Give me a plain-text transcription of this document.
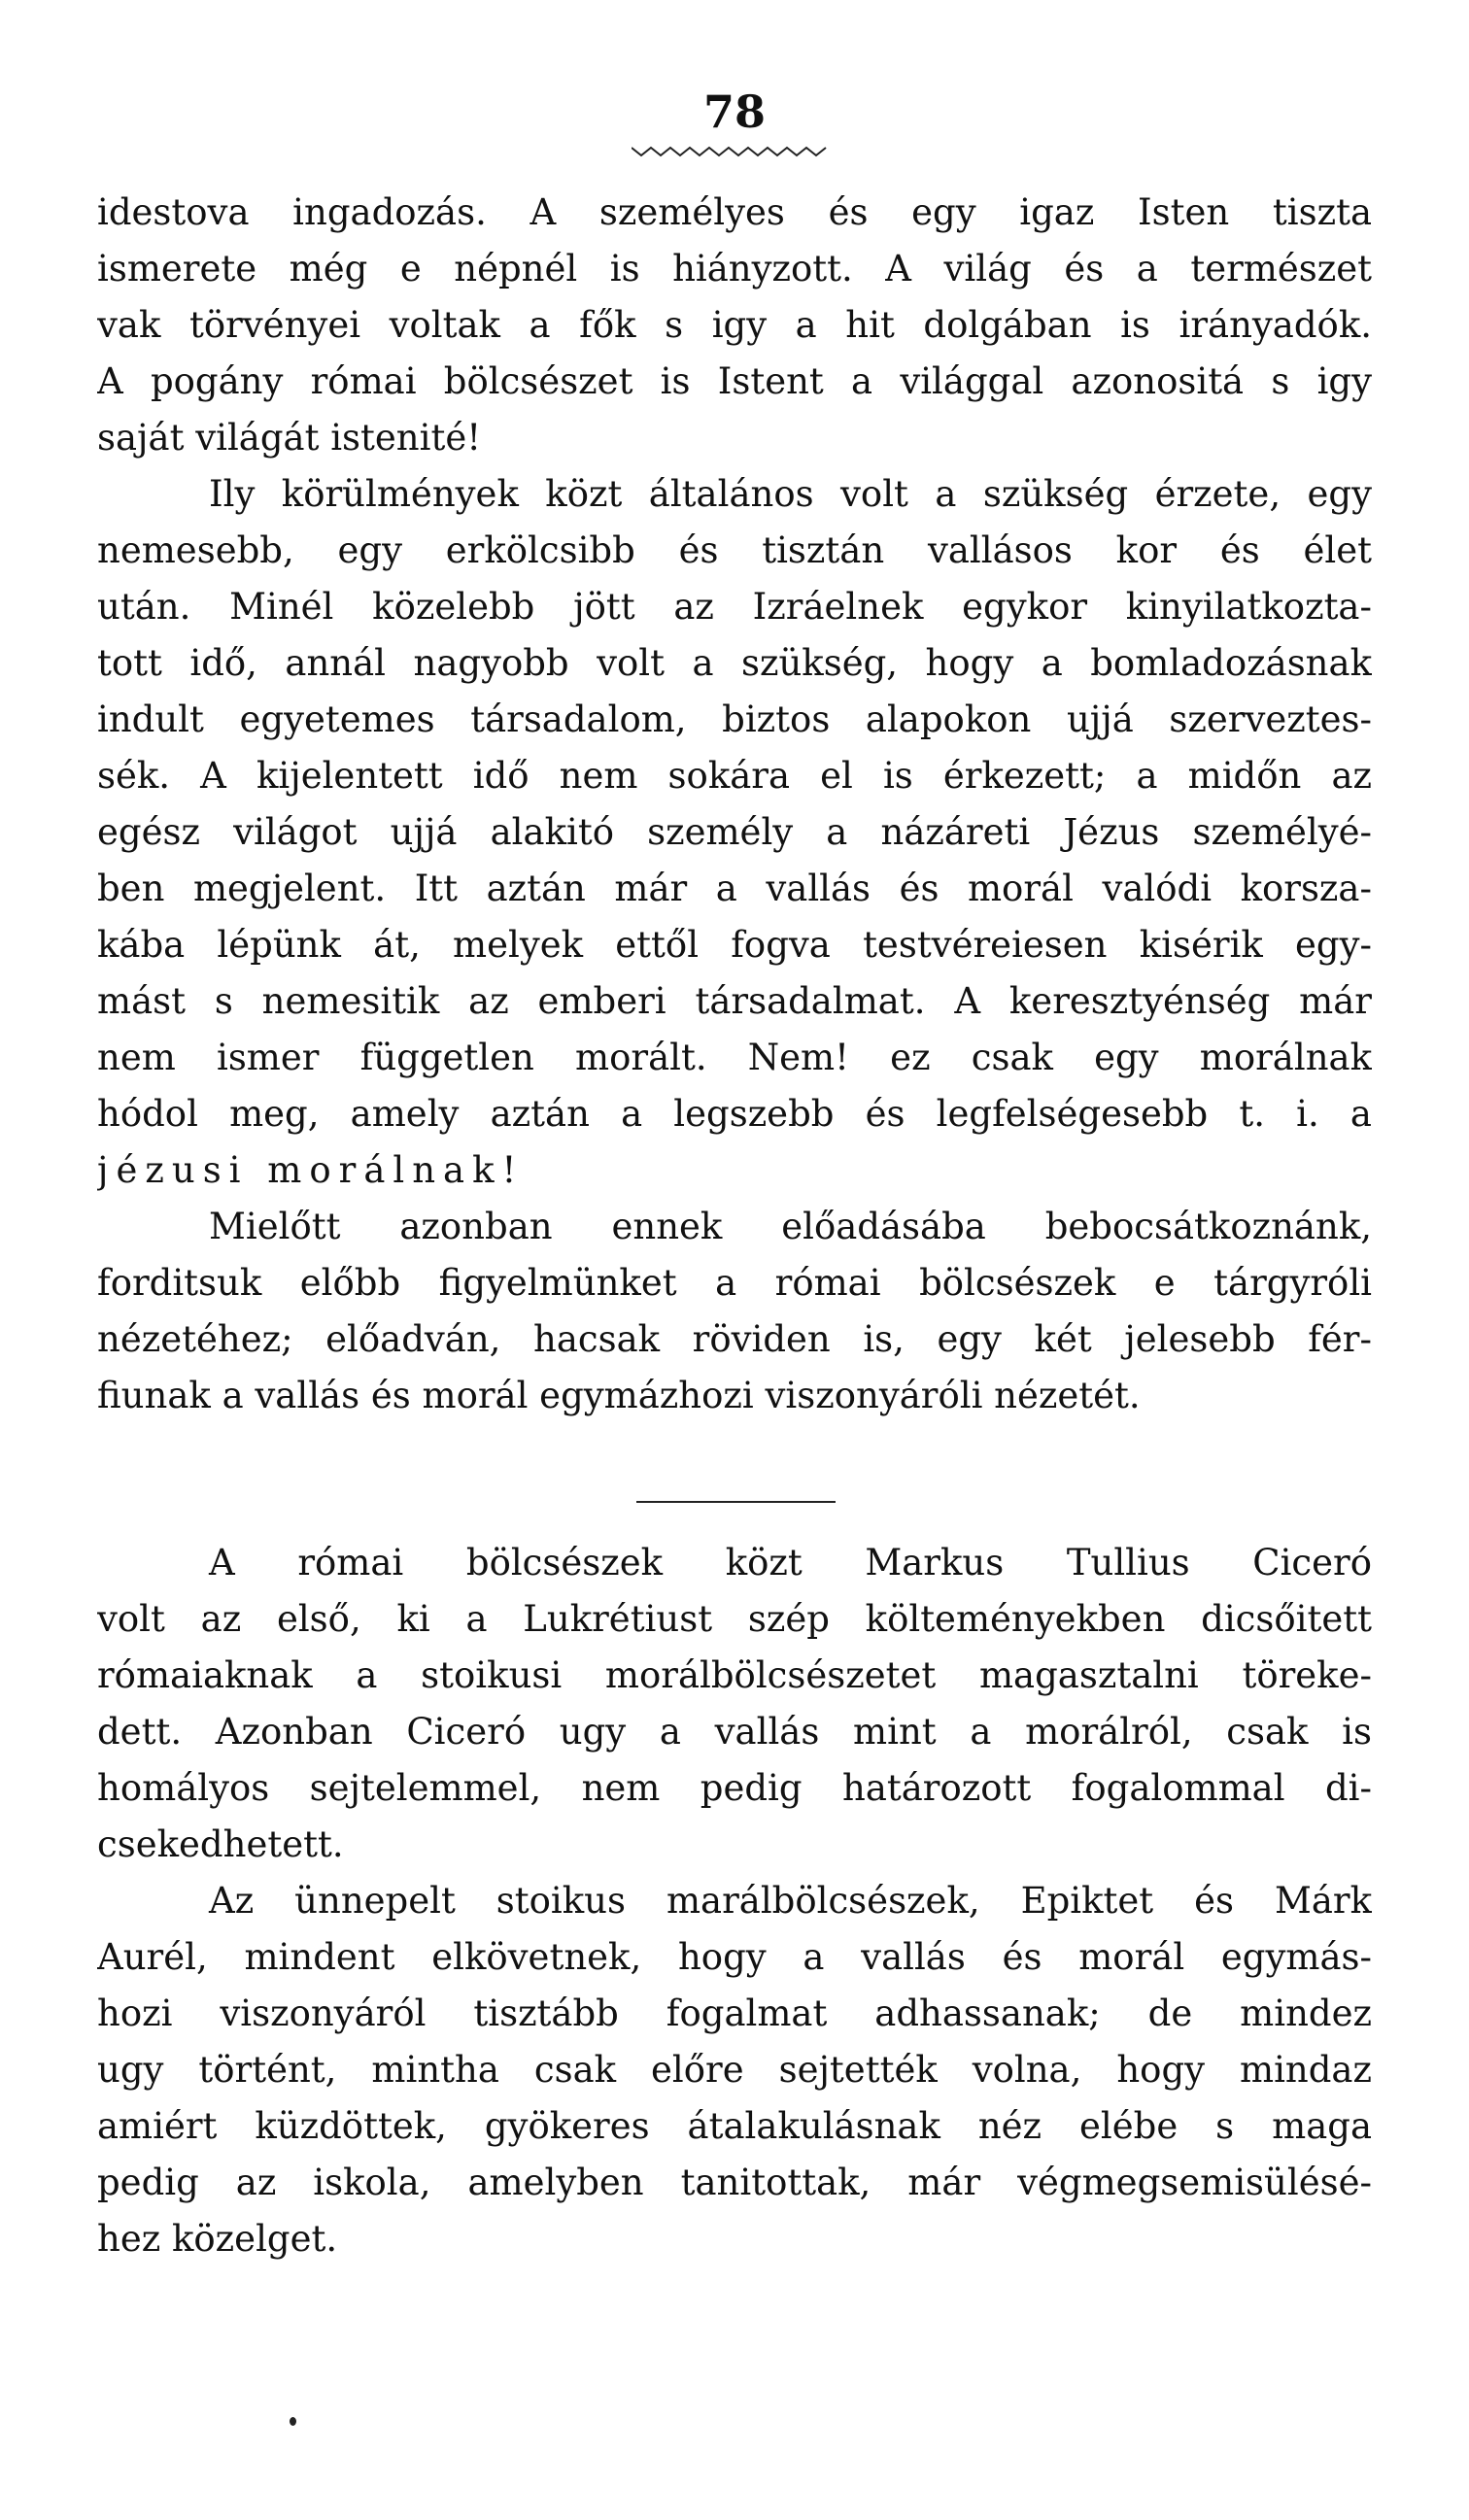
78
idestova ingadozás. A személyes és egy igaz Isten tiszta
ismerete még e népnél is hiányzott. A világ és a természet
vak törvényei voltak a fők s igy a hit dolgában is irányadók.
A pogány római bölcsészet is Istent a világgal azonositá s igy
saját világát istenité!
Ily körülmények közt általános volt a szükség érzete, egy
nemesebb, egy erkölcsibb és tisztán vallásos kor és élet
után. Minél közelebb jött az Izráelnek egykor kinyilatkozta-
tott idő, annál nagyobb volt a szükség, hogy a bomladozásnak
indult egyetemes társadalom, biztos alapokon ujjá szerveztes-
sék. A kijelentett idő nem sokára el is érkezett; a midőn az
egész világot ujjá alakitó személy a názáreti Jézus személyé-
ben megjelent. Itt aztán már a vallás és morál valódi korsza-
kába lépünk át, melyek ettől fogva testvéreiesen kisérik egy-
mást s nemesitik az emberi társadalmat. A keresztyénség már
nem ismer független morált. Nem! ez csak egy morálnak
hódol meg, amely aztán a legszebb és legfelségesebb t. i. a
jézusi morálnak!
Mielőtt azonban ennek előadásába bebocsátkoznánk,
forditsuk előbb figyelmünket a római bölcsészek e tárgyróli
nézetéhez; előadván, hacsak röviden is, egy két jelesebb fér-
fiunak a vallás és morál egymázhozi viszonyáróli nézetét.
A római bölcsészek közt Markus Tullius Ciceró
volt az első, ki a Lukrétiust szép költeményekben dicsőitett
rómaiaknak a stoikusi morálbölcsészetet magasztalni töreke-
dett. Azonban Ciceró ugy a vallás mint a morálról, csak is
homályos sejtelemmel, nem pedig határozott fogalommal di-
csekedhetett.
Az ünnepelt stoikus marálbölcsészek, Epiktet és Márk
Aurél, mindent elkövetnek, hogy a vallás és morál egymás-
hozi viszonyáról tisztább fogalmat adhassanak; de mindez
ugy történt, mintha csak előre sejtették volna, hogy mindaz
amiért küzdöttek, gyökeres átalakulásnak néz elébe s maga
pedig az iskola, amelyben tanitottak, már végmegsemisülésé-
hez közelget.
